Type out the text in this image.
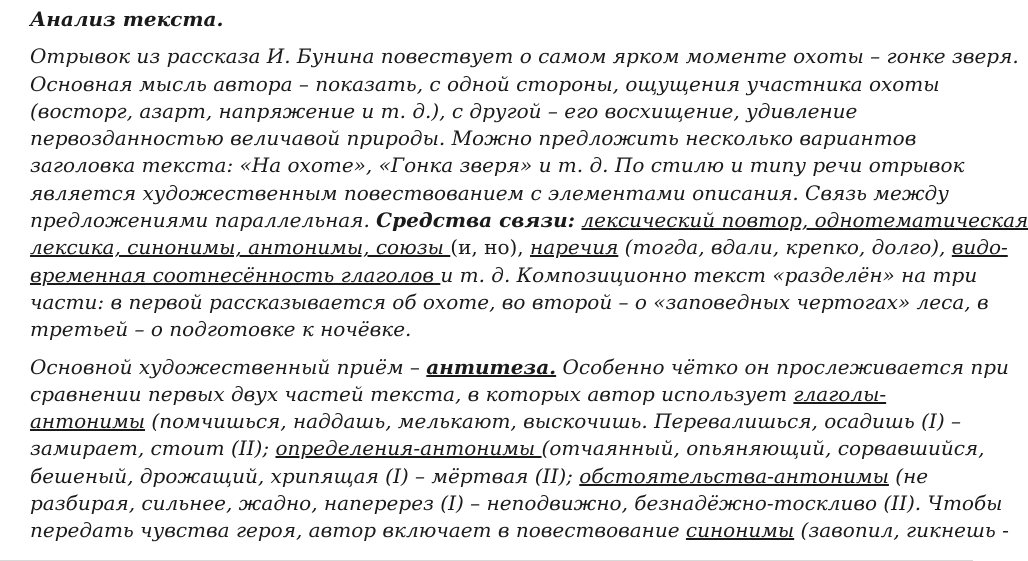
Анализ текста.
Отрывок из рассказа И. Бунина повествует о самом ярком моменте охоты – гонке зверя.
Основная мысль автора – показать, с одной стороны, ощущения участника охоты
(восторг, азарт, напряжение и т. д.), с другой – его восхищение, удивление
первозданностью величавой природы. Можно предложить несколько вариантов
заголовка текста: «На охоте», «Гонка зверя» и т. д. По стилю и типу речи отрывок
является художественным повествованием с элементами описания. Связь между
предложениями параллельная. Средства связи: лексический повтор, однотематическая
лексика, синонимы, антонимы, союзы (и, но), наречия (тогда, вдали, крепко, долго), видо-
временная соотнесённость глаголов и т. д. Композиционно текст «разделён» на три
части: в первой рассказывается об охоте, во второй – о «заповедных чертогах» леса, в
третьей – о подготовке к ночёвке.
Основной художественный приём – антитеза. Особенно чётко он прослеживается при
сравнении первых двух частей текста, в которых автор использует глаголы-
антонимы (помчишься, наддашь, мелькают, выскочишь. Перевалишься, осадишь (I) –
замирает, стоит (II); определения-антонимы (отчаянный, опьяняющий, сорвавшийся,
бешеный, дрожащий, хрипящая (I) – мёртвая (II); обстоятельства-антонимы (не
разбирая, сильнее, жадно, наперерез (I) – неподвижно, безнадёжно-тоскливо (II). Чтобы
передать чувства героя, автор включает в повествование синонимы (завопил, гикнешь -
